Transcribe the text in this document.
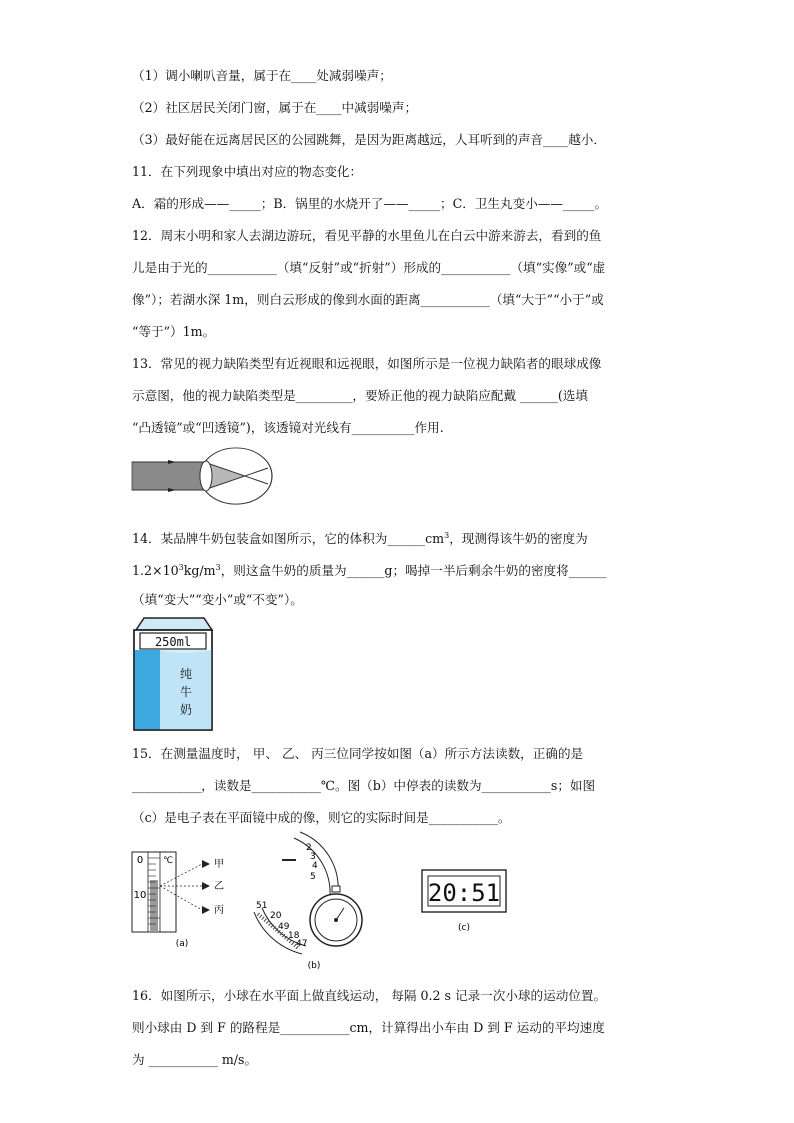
（1）调小喇叭音量，属于在____处减弱噪声；
（2）社区居民关闭门窗，属于在____中减弱噪声；
（3）最好能在远离居民区的公园跳舞，是因为距离越远，人耳听到的声音____越小．
11．在下列现象中填出对应的物态变化：
A．霜的形成——_____；B．锅里的水烧开了——_____；C．卫生丸变小——_____。
12．周末小明和家人去湖边游玩，看见平静的水里鱼儿在白云中游来游去，看到的鱼
儿是由于光的___________（填“反射”或“折射”）形成的___________（填“实像”或“虚
像”）；若湖水深 1m，则白云形成的像到水面的距离___________（填“大于”“小于”或
“等于”）1m。
13．常见的视力缺陷类型有近视眼和远视眼，如图所示是一位视力缺陷者的眼球成像
示意图，他的视力缺陷类型是_________，要矫正他的视力缺陷应配戴 ______(选填
“凸透镜”或“凹透镜”)，该透镜对光线有__________作用.
14．某品牌牛奶包装盒如图所示，它的体积为$\_\_\_\_\_\_cm^3$，现测得该牛奶的密度为
$1.2\times 10^3kg/m^3$，则这盒牛奶的质量为______g；喝掉一半后剩余牛奶的密度将______
（填“变大”“变小”或“不变”）。
250ml
纯
牛
奶
15．在测量温度时， 甲、 乙、 丙三位同学按如图（a）所示方法读数，正确的是
___________，读数是___________℃。图（b）中停表的读数为___________s；如图
（c）是电子表在平面镜中成的像，则它的实际时间是___________。
0
10
℃	甲
乙
丙
(a)
2
3
4
5
51
20
49
18
47
(b)
20:51
(c)
16．如图所示，小球在水平面上做直线运动， 每隔 0.2 s 记录一次小球的运动位置。
则小球由 D 到 F 的路程是___________cm，计算得出小车由 D 到 F 运动的平均速度
为 ___________ m/s。
